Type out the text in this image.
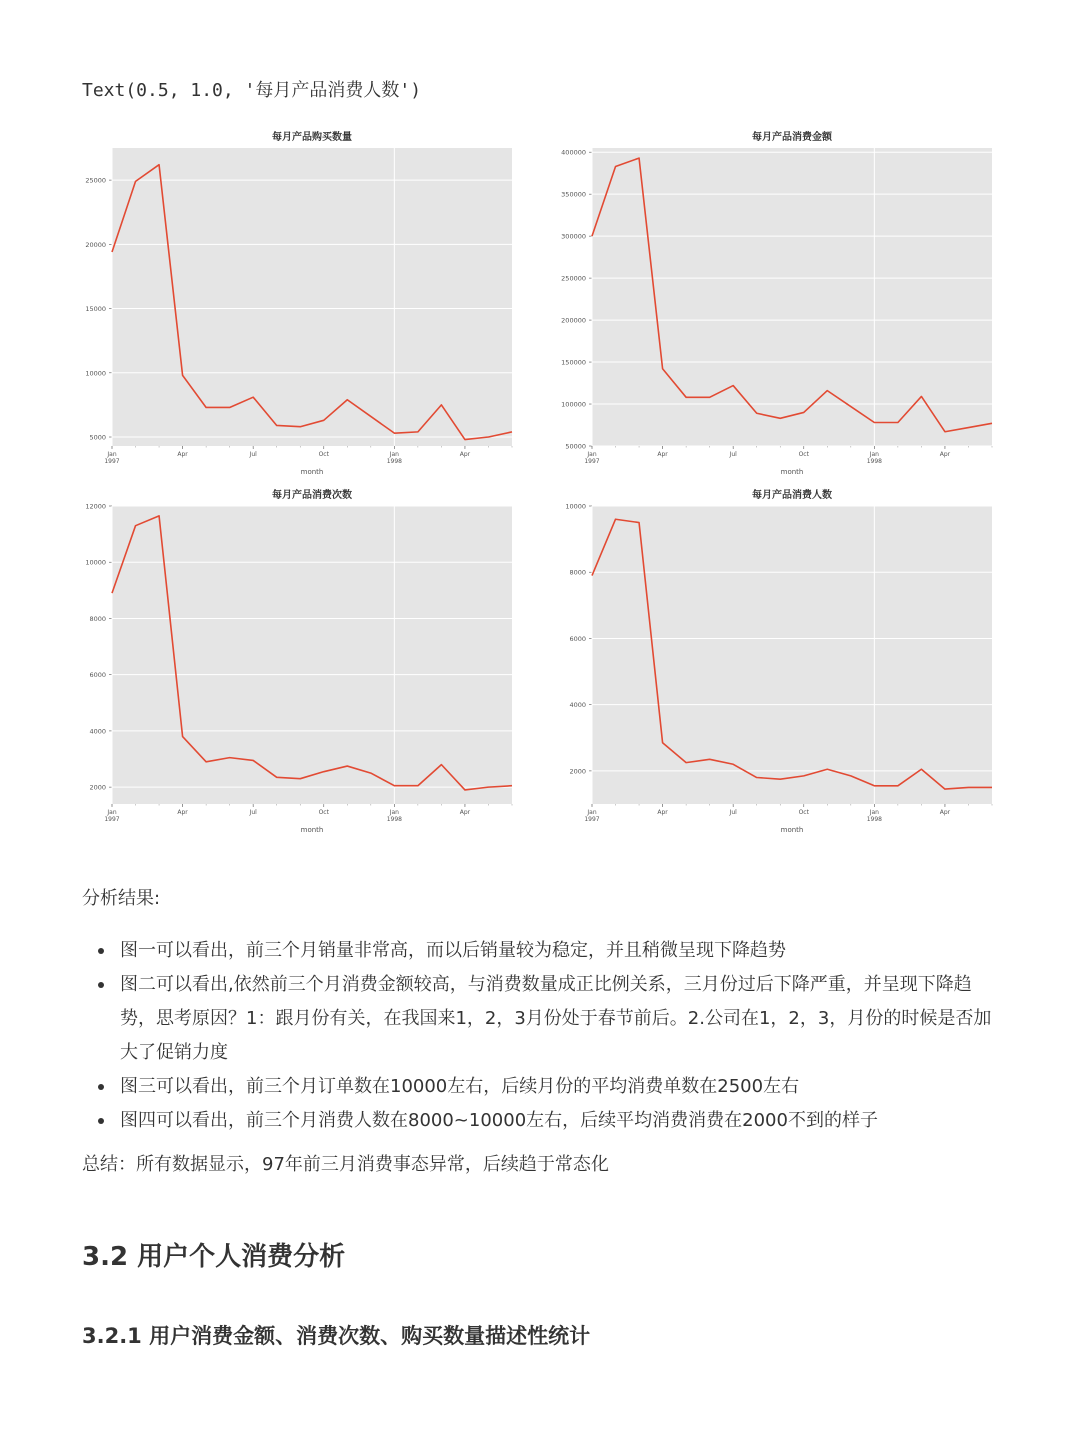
Text(0.5, 1.0, '每月产品消费人数')
每月产品购买数量
5000
10000
15000
20000
25000
Jan 1997
Apr	Jul	Oct	Jan 1998
Apr
month
每月产品消费金额
50000
100000
150000
200000
250000
300000
350000
400000
Jan 1997
Apr	Jul	Oct	Jan 1998
Apr
month
每月产品消费次数
2000
4000
6000
8000
10000
12000
Jan 1997
Apr	Jul	Oct	Jan 1998
Apr
month
每月产品消费人数
2000
4000
6000
8000
10000
Jan 1997
Apr	Jul	Oct	Jan 1998
Apr
month
分析结果:
图一可以看出，前三个月销量非常高，而以后销量较为稳定，并且稍微呈现下降趋势
图二可以看出,依然前三个月消费金额较高，与消费数量成正比例关系，三月份过后下降严重，并呈现下降趋势，思考原因？1：跟月份有关，在我国来1，2，3月份处于春节前后。2.公司在1，2，3，月份的时候是否加大了促销力度
图三可以看出，前三个月订单数在10000左右，后续月份的平均消费单数在2500左右
图四可以看出，前三个月消费人数在8000~10000左右，后续平均消费消费在2000不到的样子
总结：所有数据显示，97年前三月消费事态异常，后续趋于常态化
3.2 用户个人消费分析
3.2.1 用户消费金额、消费次数、购买数量描述性统计
